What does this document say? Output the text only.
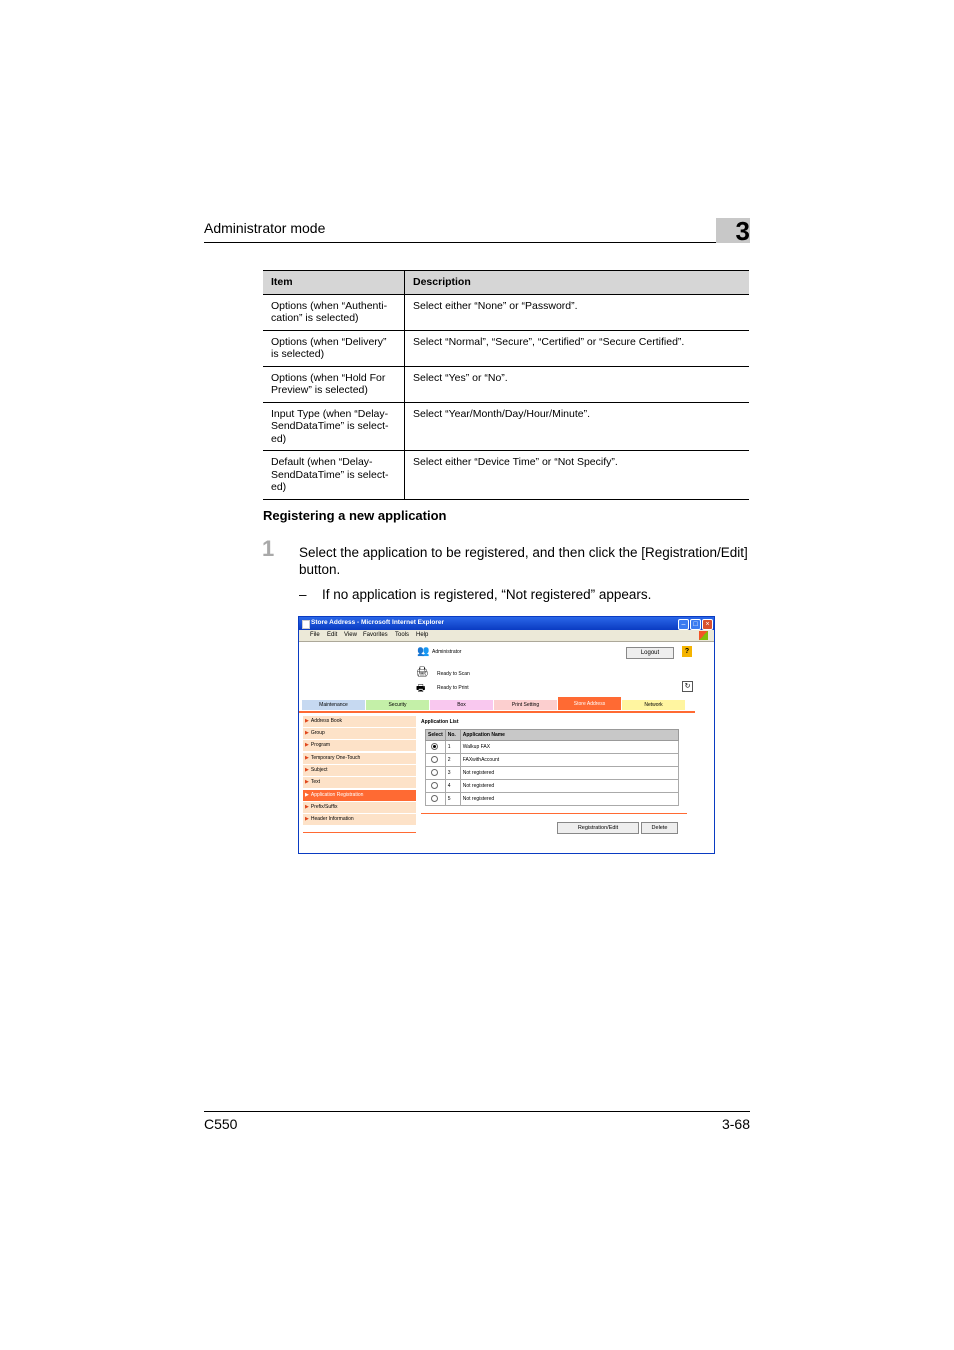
Administrator mode	3
Item	Description
Options (when “Authenti-cation” is selected)	Select either “None” or “Password”.
Options (when “Delivery” is selected)	Select “Normal”, “Secure”, “Certified” or “Secure Certified”.
Options (when “Hold For Preview” is selected)	Select “Yes” or “No”.
Input Type (when “Delay-SendDataTime” is select-ed)	Select “Year/Month/Day/Hour/Minute”.
Default (when “Delay-SendDataTime” is select-ed)	Select either “Device Time” or “Not Specify”.
Registering a new application
1 Select the application to be registered, and then click the [Registration/Edit] button.
– If no application is registered, “Not registered” appears.
Store Address - Microsoft Internet Explorer	–	□	×
File Edit View Favorites Tools Help
👥 Administrator	Logout	?
🖨 Ready to Scan
🖶 Ready to Print	↻
Maintenance	Security	Box	Print Setting	Store Address	Network
▶ Address Book
▶ Group
▶ Program
▶ Temporary One-Touch
▶ Subject
▶ Text
▶ Application Registration
▶ Prefix/Suffix
▶ Header Information
Application List
Select	No.	Application Name
	1	Walkup FAX
	2	FAXwithAccount
	3	Not registered
	4	Not registered
	5	Not registered
Registration/Edit	Delete
C550	3-68
